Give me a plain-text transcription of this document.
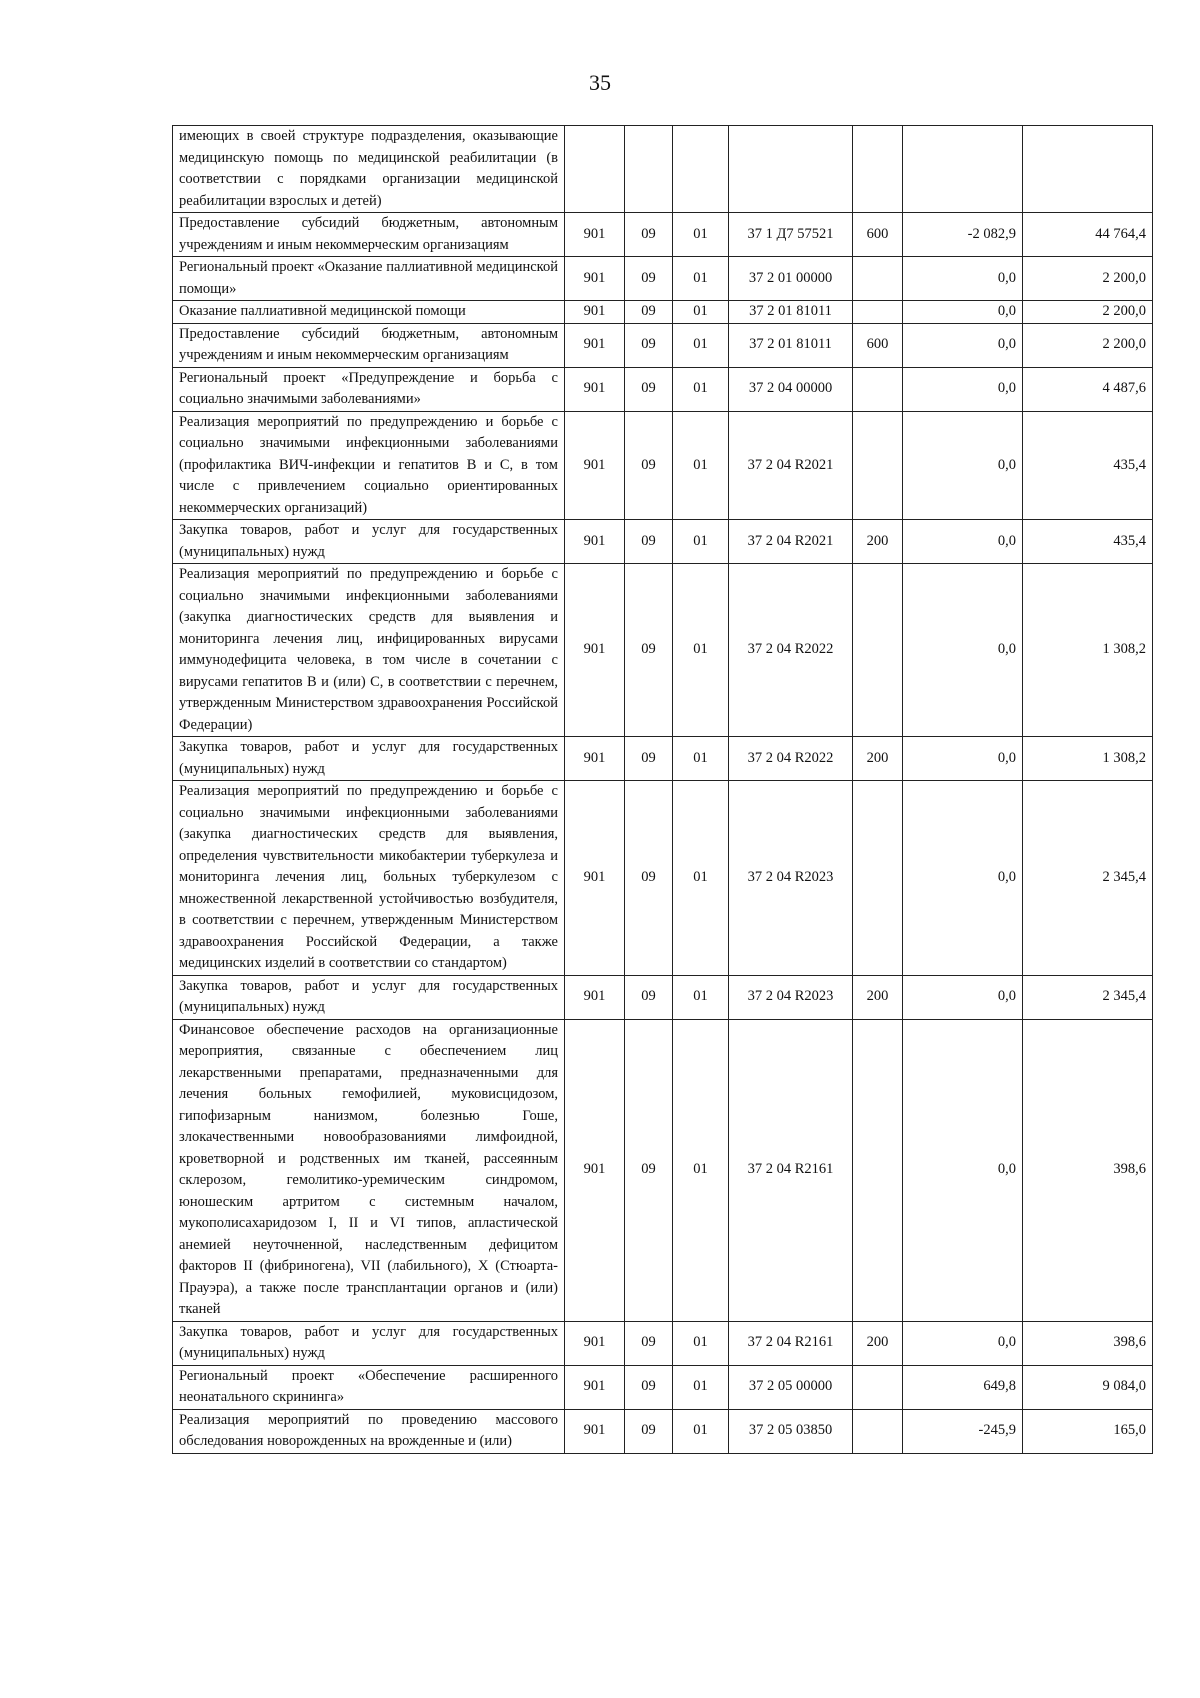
35
имеющих в своей структуре подразделения, оказывающие медицинскую помощь по медицинской реабилитации (в соответствии с порядками организации медицинской реабилитации взрослых и детей)							
Предоставление субсидий бюджетным, автономным учреждениям и иным некоммерческим организациям	901	09	01	37 1 Д7 57521	600	-2 082,9	44 764,4
Региональный проект «Оказание паллиативной медицинской помощи»	901	09	01	37 2 01 00000		0,0	2 200,0
Оказание паллиативной медицинской помощи	901	09	01	37 2 01 81011		0,0	2 200,0
Предоставление субсидий бюджетным, автономным учреждениям и иным некоммерческим организациям	901	09	01	37 2 01 81011	600	0,0	2 200,0
Региональный проект «Предупреждение и борьба с социально значимыми заболеваниями»	901	09	01	37 2 04 00000		0,0	4 487,6
Реализация мероприятий по предупреждению и борьбе с социально значимыми инфекционными заболеваниями (профилактика ВИЧ-инфекции и гепатитов B и C, в том числе с привлечением социально ориентированных некоммерческих организаций)	901	09	01	37 2 04 R2021		0,0	435,4
Закупка товаров, работ и услуг для государственных (муниципальных) нужд	901	09	01	37 2 04 R2021	200	0,0	435,4
Реализация мероприятий по предупреждению и борьбе с социально значимыми инфекционными заболеваниями (закупка диагностических средств для выявления и мониторинга лечения лиц, инфицированных вирусами иммунодефицита человека, в том числе в сочетании с вирусами гепатитов B и (или) C, в соответствии с перечнем, утвержденным Министерством здравоохранения Российской Федерации)	901	09	01	37 2 04 R2022		0,0	1 308,2
Закупка товаров, работ и услуг для государственных (муниципальных) нужд	901	09	01	37 2 04 R2022	200	0,0	1 308,2
Реализация мероприятий по предупреждению и борьбе с социально значимыми инфекционными заболеваниями (закупка диагностических средств для выявления, определения чувствительности микобактерии туберкулеза и мониторинга лечения лиц, больных туберкулезом с множественной лекарственной устойчивостью возбудителя, в соответствии с перечнем, утвержденным Министерством здравоохранения Российской Федерации, а также медицинских изделий в соответствии со стандартом)	901	09	01	37 2 04 R2023		0,0	2 345,4
Закупка товаров, работ и услуг для государственных (муниципальных) нужд	901	09	01	37 2 04 R2023	200	0,0	2 345,4
Финансовое обеспечение расходов на организационные мероприятия, связанные с обеспечением лиц лекарственными препаратами, предназначенными для лечения больных гемофилией, муковисцидозом, гипофизарным нанизмом, болезнью Гоше, злокачественными новообразованиями лимфоидной, кроветворной и родственных им тканей, рассеянным склерозом, гемолитико-уремическим синдромом, юношеским артритом с системным началом, мукополисахаридозом I, II и VI типов, апластической анемией неуточненной, наследственным дефицитом факторов II (фибриногена), VII (лабильного), X (Стюарта-Прауэра), а также после трансплантации органов и (или) тканей	901	09	01	37 2 04 R2161		0,0	398,6
Закупка товаров, работ и услуг для государственных (муниципальных) нужд	901	09	01	37 2 04 R2161	200	0,0	398,6
Региональный проект «Обеспечение расширенного неонатального скрининга»	901	09	01	37 2 05 00000		649,8	9 084,0
Реализация мероприятий по проведению массового обследования новорожденных на врожденные и (или)	901	09	01	37 2 05 03850		-245,9	165,0
